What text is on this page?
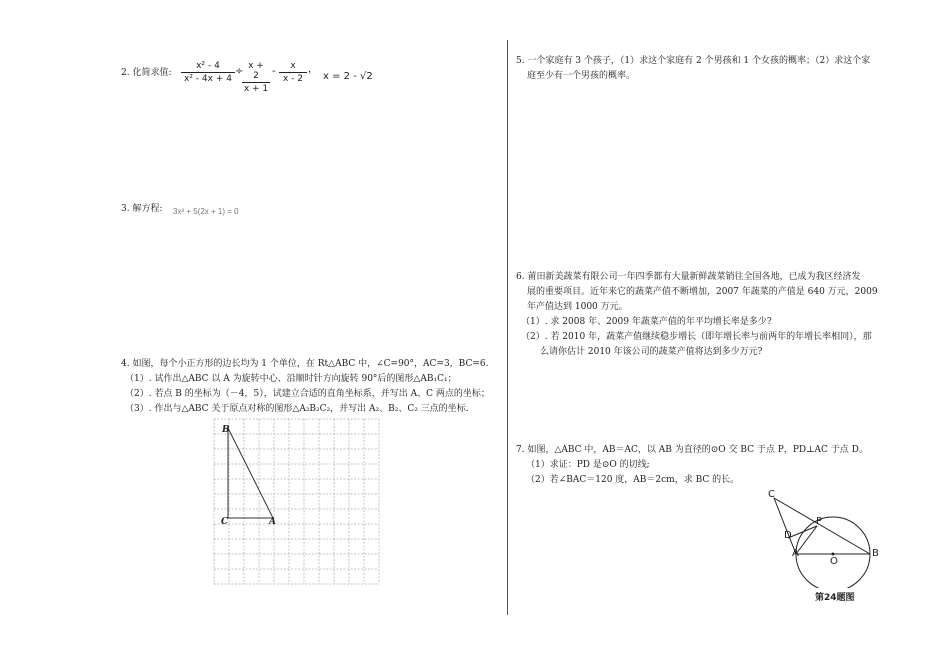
2. 化简求值: $\frac{\text{x² - 4}}{\text{x² - 4x + 4}}$ ÷
$\frac{x + 2}{x + 1} - \frac{x}{x - 2}$ ，
x = 2 - √2
3. 解方程: 3x² + 5(2x + 1) = 0
4. 如图，每个小正方形的边长均为 1 个单位，在 Rt△ABC 中，∠C=90°，AC=3，BC=6.
（1）. 试作出△ABC 以 A 为旋转中心、沿顺时针方向旋转 90°后的图形△AB₁C₁；
（2）. 若点 B 的坐标为（－4，5），试建立合适的直角坐标系，并写出 A、C 两点的坐标；
（3）. 作出与△ABC 关于原点对称的图形△A₂B₂C₂，并写出 A₂、B₂、C₂ 三点的坐标.
B
C	A
5. 一个家庭有 3 个孩子，（1）求这个家庭有 2 个男孩和 1 个女孩的概率；（2）求这个家
庭至少有一个男孩的概率。
6. 莆田新美蔬菜有限公司一年四季都有大量新鲜蔬菜销往全国各地，已成为我区经济发
展的重要项目。近年来它的蔬菜产值不断增加，2007 年蔬菜的产值是 640 万元，2009
年产值达到 1000 万元。
（1）. 求 2008 年、2009 年蔬菜产值的年平均增长率是多少?
（2）. 若 2010 年，蔬菜产值继续稳步增长（即年增长率与前两年的年增长率相同），那
么请你估计 2010 年该公司的蔬菜产值将达到多少万元?
7. 如图，△ABC 中，AB＝AC，以 AB 为直径的⊙O 交 BC 于点 P，PD⊥AC 于点 D。
（1）求证：PD 是⊙O 的切线;
（2）若∠BAC＝120 度，AB＝2cm，求 BC 的长。
C
P
D
A
O
B
第24题图
